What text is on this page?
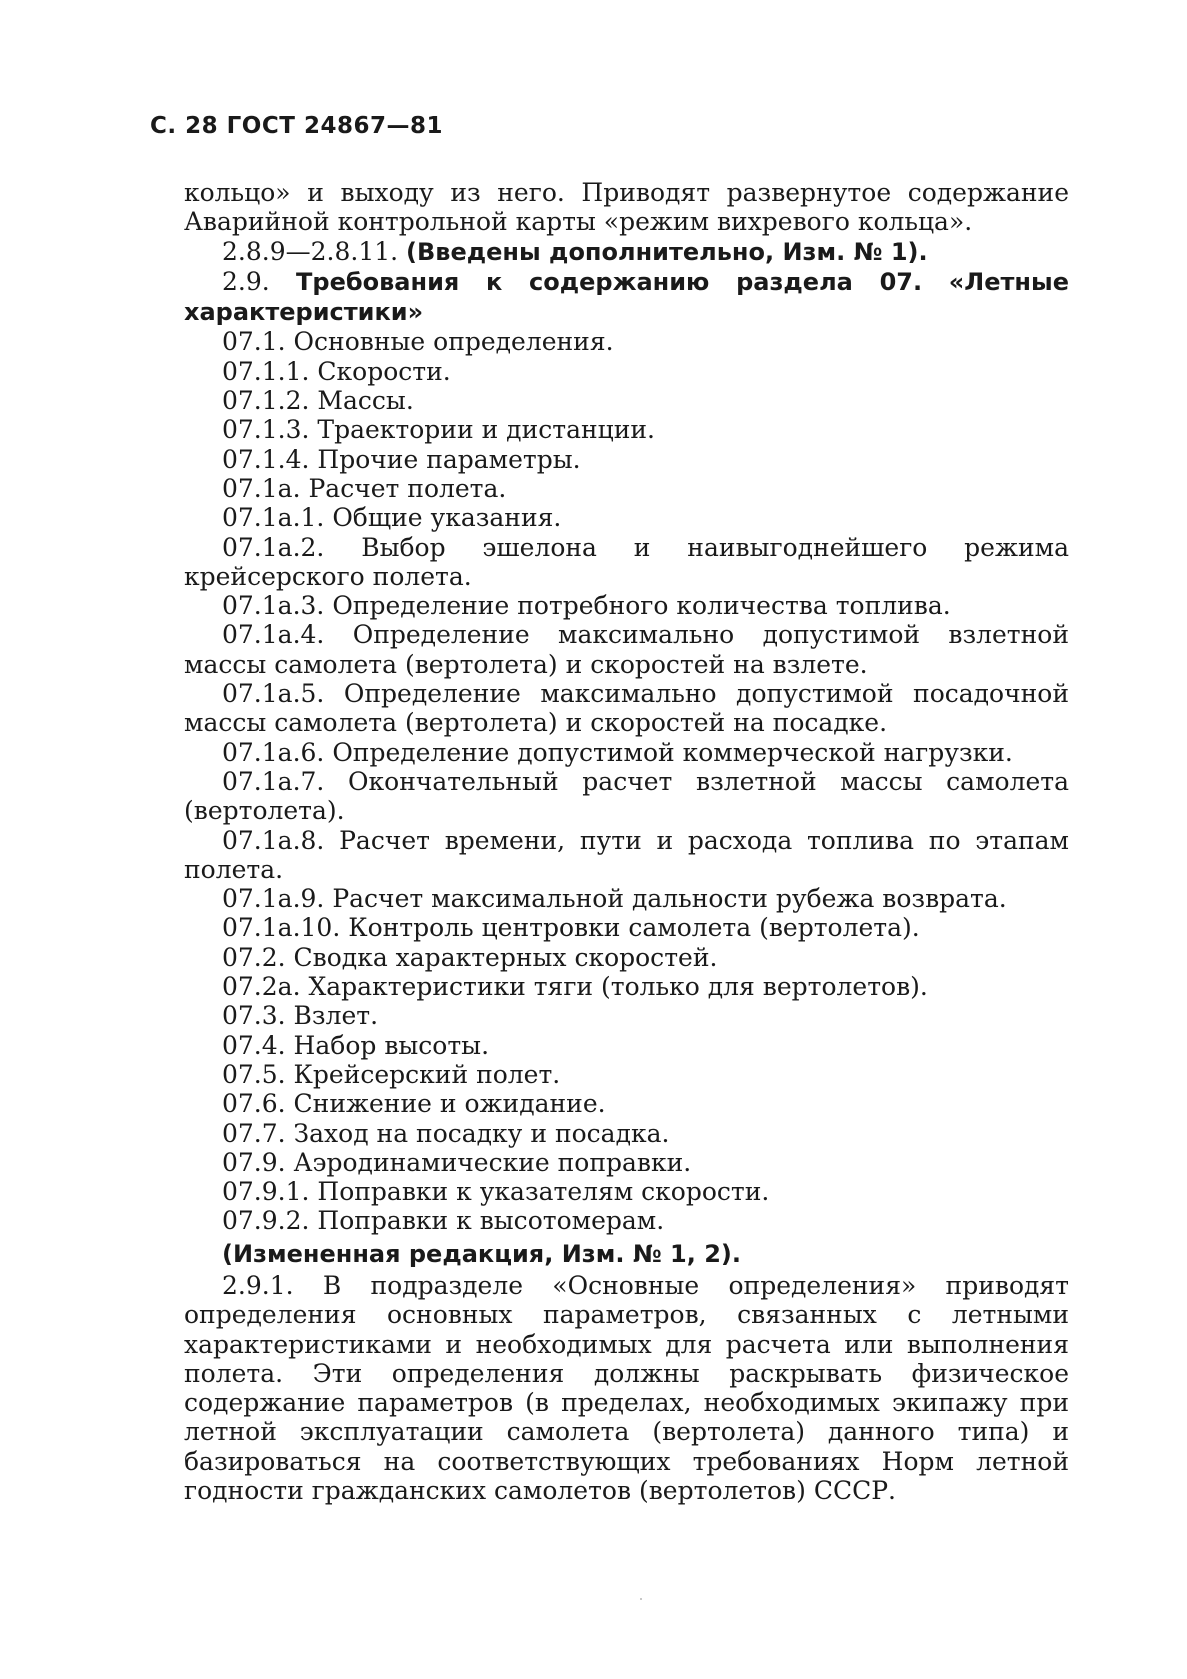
С. 28 ГОСТ 24867—81

кольцо» и выходу из него. Приводят развернутое содержание Аварийной контрольной карты «режим вихревого кольца».

2.8.9—2.8.11. (Введены дополнительно, Изм. № 1).

2.9. Требования к содержанию раздела 07. «Летные характеристики»

07.1. Основные определения.
07.1.1. Скорости.
07.1.2. Массы.
07.1.3. Траектории и дистанции.
07.1.4. Прочие параметры.
07.1а. Расчет полета.
07.1а.1. Общие указания.
07.1а.2. Выбор эшелона и наивыгоднейшего режима крейсерского полета.
07.1а.3. Определение потребного количества топлива.
07.1а.4. Определение максимально допустимой взлетной массы самолета (вертолета) и скоростей на взлете.
07.1а.5. Определение максимально допустимой посадочной массы самолета (вертолета) и скоростей на посадке.
07.1а.6. Определение допустимой коммерческой нагрузки.
07.1а.7. Окончательный расчет взлетной массы самолета (вертолета).
07.1а.8. Расчет времени, пути и расхода топлива по этапам полета.
07.1а.9. Расчет максимальной дальности рубежа возврата.
07.1а.10. Контроль центровки самолета (вертолета).
07.2. Сводка характерных скоростей.
07.2а. Характеристики тяги (только для вертолетов).
07.3. Взлет.
07.4. Набор высоты.
07.5. Крейсерский полет.
07.6. Снижение и ожидание.
07.7. Заход на посадку и посадка.
07.9. Аэродинамические поправки.
07.9.1. Поправки к указателям скорости.
07.9.2. Поправки к высотомерам.

(Измененная редакция, Изм. № 1, 2).

2.9.1. В подразделе «Основные определения» приводят определения основных параметров, связанных с летными характеристиками и необходимых для расчета или выполнения полета. Эти определения должны раскрывать физическое содержание параметров (в пределах, необходимых экипажу при летной эксплуатации самолета (вертолета) данного типа) и базироваться на соответствующих требованиях Норм летной годности гражданских самолетов (вертолетов) СССР.
